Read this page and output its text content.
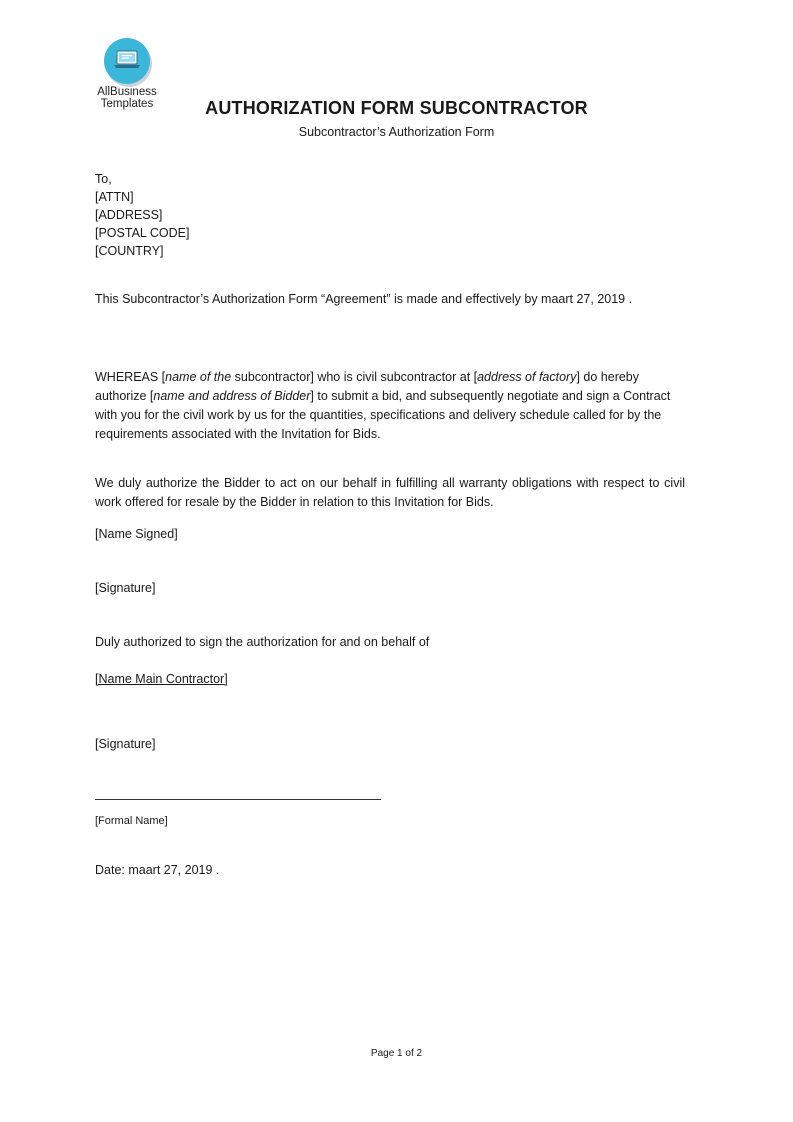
AllBusiness
Templates	AUTHORIZATION FORM SUBCONTRACTOR
Subcontractor’s Authorization Form
To,
[ATTN]
[ADDRESS]
[POSTAL CODE]
[COUNTRY]
This Subcontractor’s Authorization Form “Agreement” is made and effectively by maart 27, 2019 .
WHEREAS [name of the subcontractor] who is civil subcontractor at [address of factory] do hereby authorize [name and address of Bidder] to submit a bid, and subsequently negotiate and sign a Contract with you for the civil work by us for the quantities, specifications and delivery schedule called for by the requirements associated with the Invitation for Bids.
We duly authorize the Bidder to act on our behalf in fulfilling all warranty obligations with respect to civil work offered for resale by the Bidder in relation to this Invitation for Bids.
[Name Signed]
[Signature]
Duly authorized to sign the authorization for and on behalf of
[Name Main Contractor]
[Signature]
[Formal Name]
Date: maart 27, 2019 .
Page 1 of 2
